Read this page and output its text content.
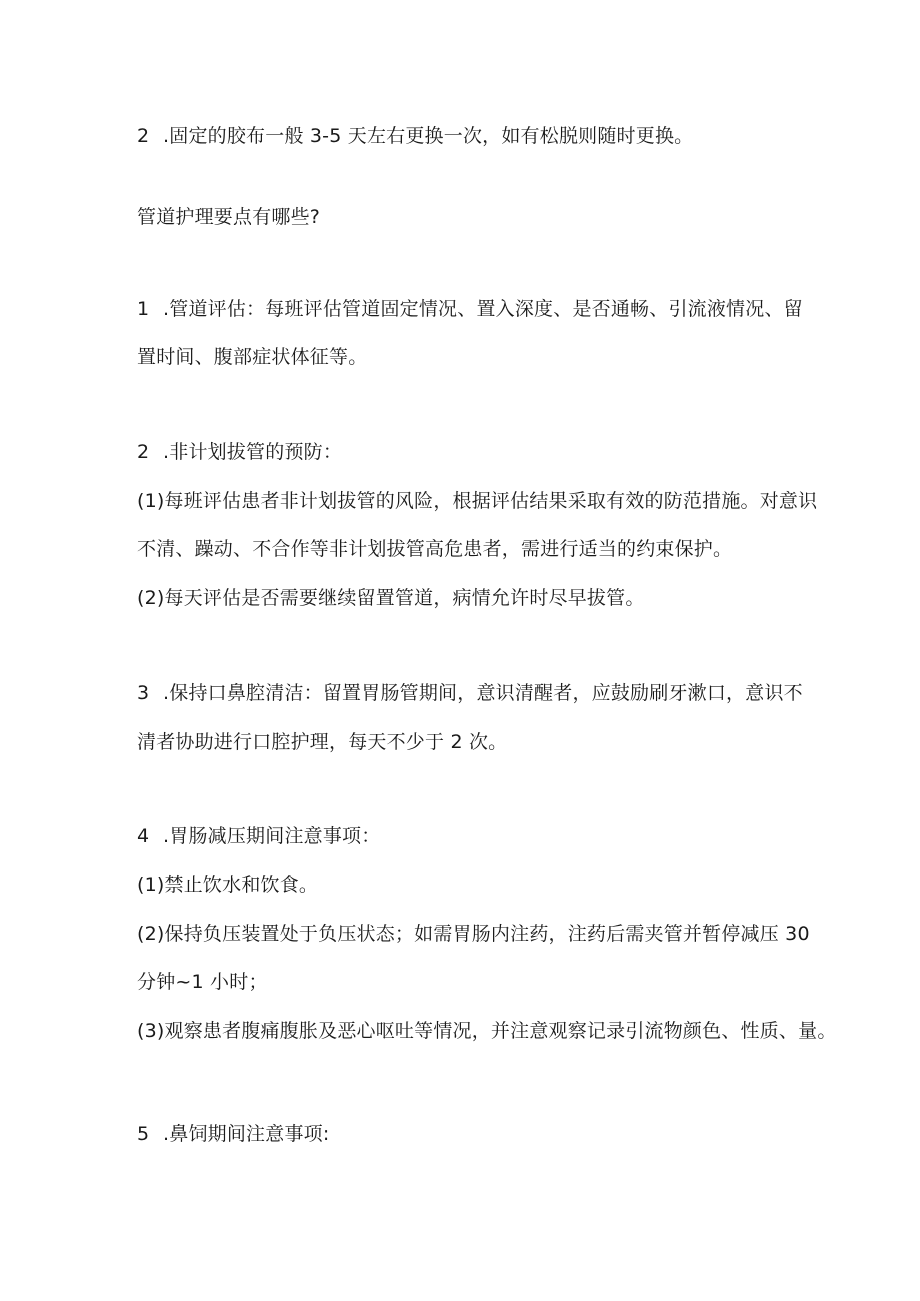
2 .固定的胶布一般 3-5 天左右更换一次，如有松脱则随时更换。
管道护理要点有哪些?
1 .管道评估：每班评估管道固定情况、置入深度、是否通畅、引流液情况、留
置时间、腹部症状体征等。
2 .非计划拔管的预防：
(1)每班评估患者非计划拔管的风险，根据评估结果采取有效的防范措施。对意识
不清、躁动、不合作等非计划拔管高危患者，需进行适当的约束保护。
(2)每天评估是否需要继续留置管道，病情允许时尽早拔管。
3 .保持口鼻腔清洁：留置胃肠管期间，意识清醒者，应鼓励刷牙漱口，意识不
清者协助进行口腔护理，每天不少于 2 次。
4 .胃肠减压期间注意事项：
(1)禁止饮水和饮食。
(2)保持负压装置处于负压状态；如需胃肠内注药，注药后需夹管并暂停减压 30
分钟~1 小时；
(3)观察患者腹痛腹胀及恶心呕吐等情况，并注意观察记录引流物颜色、性质、量。
5 .鼻饲期间注意事项:
